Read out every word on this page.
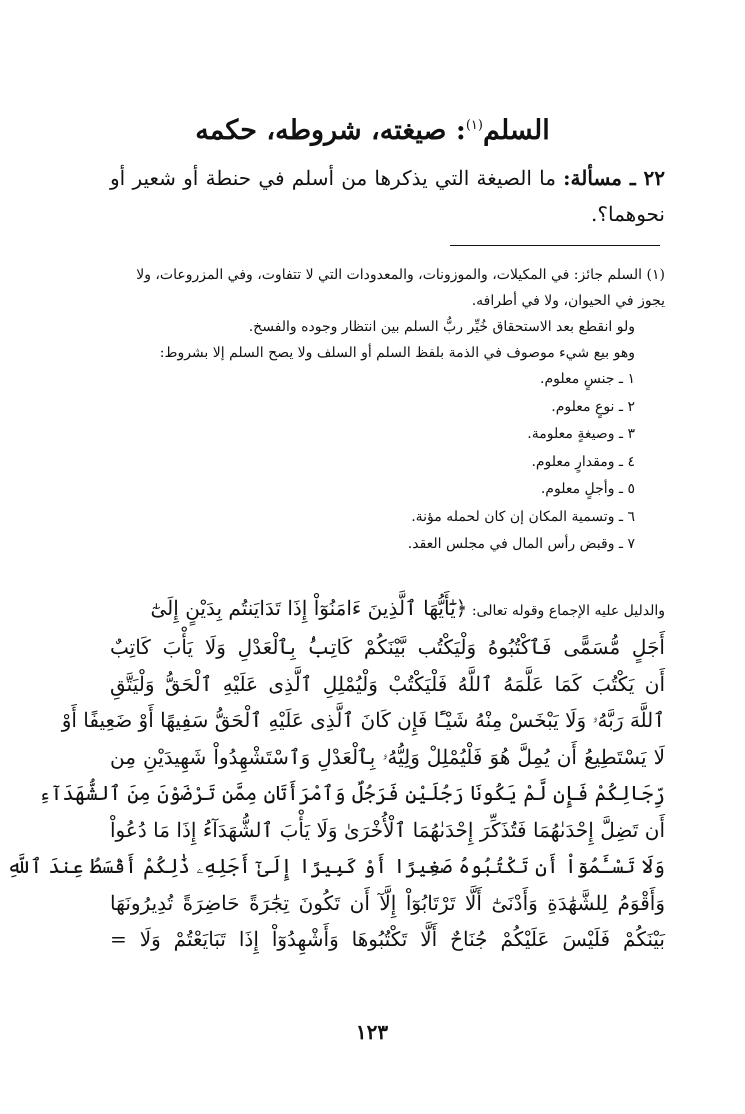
السلم$^{(١)}$: صيغته، شروطه، حكمه
٢٢ ـ مسألة: ما الصيغة التي يذكرها من أسلم في حنطة أو شعير أو نحوهما؟.

(١) السلم جائز: في المكيلات، والموزونات، والمعدودات التي لا تتفاوت، وفي المزروعات، ولا يجوز في الحيوان، ولا في أطرافه.

ولو انقطع بعد الاستحقاق خُيِّر ربُّ السلم بين انتظار وجوده والفسخ.

وهو بيع شيء موصوف في الذمة بلفظ السلم أو السلف ولا يصح السلم إلا بشروط:

١ ـ جنسٍ معلوم.
٢ ـ نوعٍ معلوم.
٣ ـ وصيغةٍ معلومة.
٤ ـ ومقدارٍ معلوم.
٥ ـ وأجلٍ معلوم.
٦ ـ وتسمية المكان إن كان لحمله مؤنة.
٧ ـ وقبض رأس المال في مجلس العقد.
والدليل عليه الإجماع وقوله تعالى: ﴿يَٰٓأَيُّهَا ٱلَّذِينَ ءَامَنُوٓاْ إِذَا تَدَايَنتُم بِدَيْنٍ إِلَىٰٓ
أَجَلٍ مُّسَمًّى فَٱكْتُبُوهُ وَلْيَكْتُب بَّيْنَكُمْ كَاتِبُۢ بِٱلْعَدْلِ وَلَا يَأْبَ كَاتِبٌ
أَن يَكْتُبَ كَمَا عَلَّمَهُ ٱللَّهُ فَلْيَكْتُبْ وَلْيُمْلِلِ ٱلَّذِى عَلَيْهِ ٱلْحَقُّ وَلْيَتَّقِ
ٱللَّهَ رَبَّهُۥ وَلَا يَبْخَسْ مِنْهُ شَيْـًٔا فَإِن كَانَ ٱلَّذِى عَلَيْهِ ٱلْحَقُّ سَفِيهًا أَوْ ضَعِيفًا أَوْ
لَا يَسْتَطِيعُ أَن يُمِلَّ هُوَ فَلْيُمْلِلْ وَلِيُّهُۥ بِٱلْعَدْلِ وَٱسْتَشْهِدُواْ شَهِيدَيْنِ مِن
رِّجَالِكُمْ فَإِن لَّمْ يَكُونَا رَجُلَيْنِ فَرَجُلٌ وَٱمْرَأَتَانِ مِمَّن تَرْضَوْنَ مِنَ ٱلشُّهَدَآءِ
أَن تَضِلَّ إِحْدَىٰهُمَا فَتُذَكِّرَ إِحْدَىٰهُمَا ٱلْأُخْرَىٰ وَلَا يَأْبَ ٱلشُّهَدَآءُ إِذَا مَا دُعُواْ
وَلَا تَسْـَٔمُوٓاْ أَن تَكْتُبُوهُ صَغِيرًا أَوْ كَبِيرًا إِلَىٰٓ أَجَلِهِۦ ذَٰلِكُمْ أَقْسَطُ عِندَ ٱللَّهِ
وَأَقْوَمُ لِلشَّهَٰدَةِ وَأَدْنَىٰٓ أَلَّا تَرْتَابُوٓاْ إِلَّآ أَن تَكُونَ تِجَٰرَةً حَاضِرَةً تُدِيرُونَهَا
بَيْنَكُمْ فَلَيْسَ عَلَيْكُمْ جُنَاحٌ أَلَّا تَكْتُبُوهَا وَأَشْهِدُوٓاْ إِذَا تَبَايَعْتُمْ وَلَا =
١٢٣
